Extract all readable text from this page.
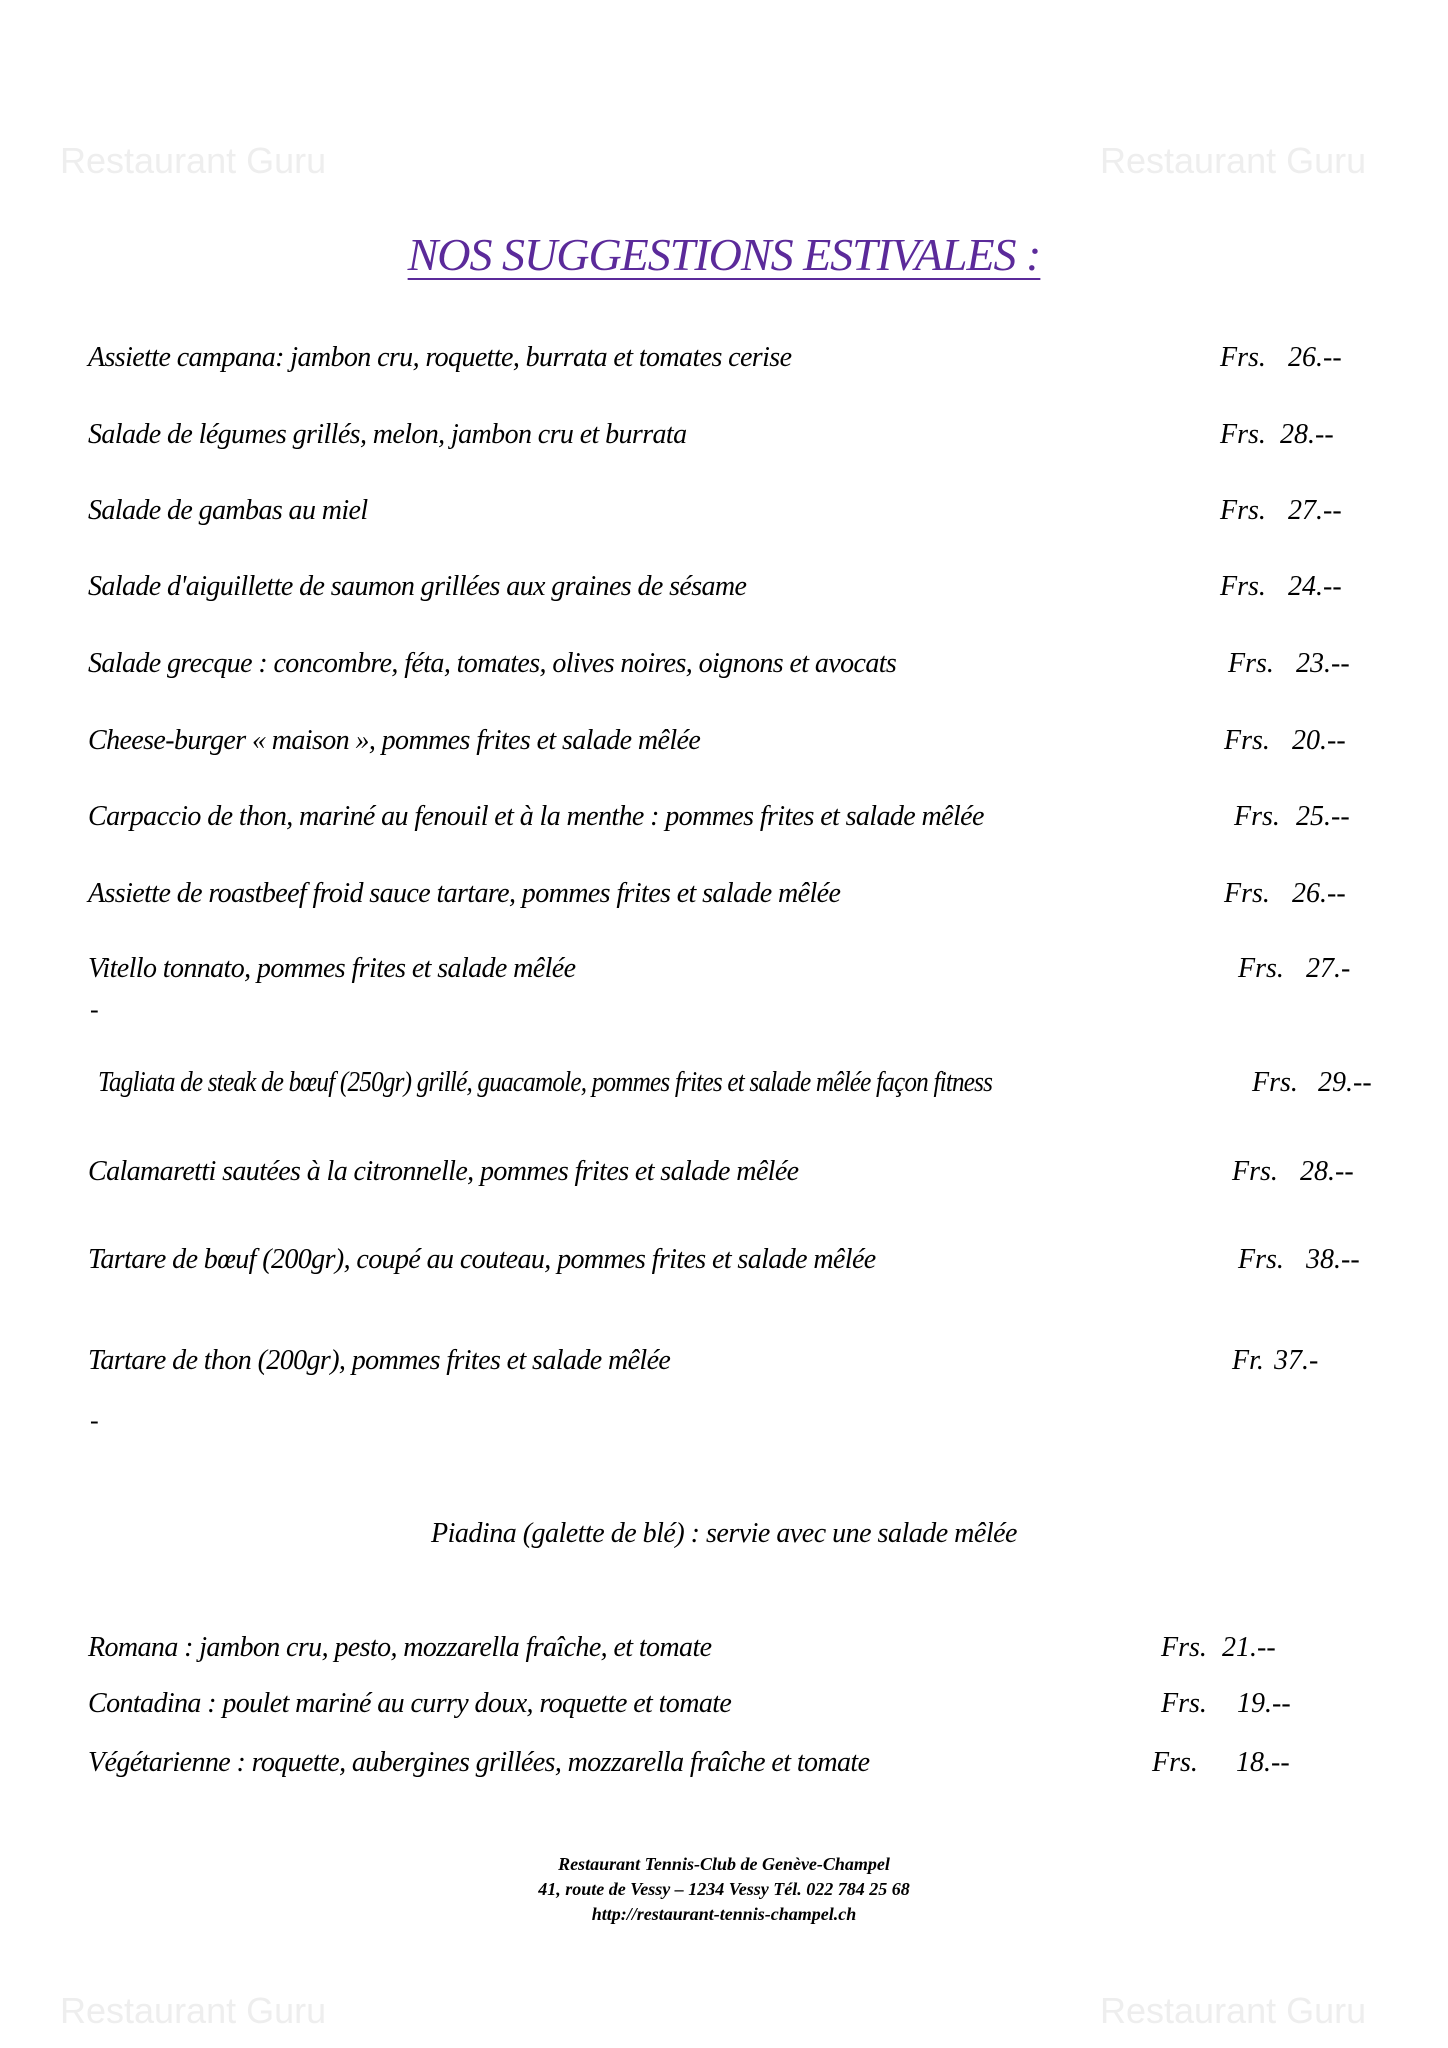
Restaurant Guru	Restaurant Guru
Restaurant Guru	Restaurant Guru
NOS SUGGESTIONS ESTIVALES :
Assiette campana: jambon cru, roquette, burrata et tomates cerise	Frs. 26.--
Salade de légumes grillés, melon, jambon cru et burrata	Frs. 28.--
Salade de gambas au miel	Frs. 27.--
Salade d'aiguillette de saumon grillées aux graines de sésame	Frs. 24.--
Salade grecque : concombre, féta, tomates, olives noires, oignons et avocats	Frs. 23.--
Cheese-burger « maison », pommes frites et salade mêlée	Frs. 20.--
Carpaccio de thon, mariné au fenouil et à la menthe : pommes frites et salade mêlée	Frs. 25.--
Assiette de roastbeef froid sauce tartare, pommes frites et salade mêlée	Frs. 26.--
Vitello tonnato, pommes frites et salade mêlée	Frs. 27.-
-
Tagliata de steak de bœuf (250gr) grillé, guacamole, pommes frites et salade mêlée façon fitness	Frs. 29.--
Calamaretti sautées à la citronnelle, pommes frites et salade mêlée	Frs. 28.--
Tartare de bœuf (200gr), coupé au couteau, pommes frites et salade mêlée	Frs. 38.--
Tartare de thon (200gr), pommes frites et salade mêlée	Fr. 37.-
-
Piadina (galette de blé) : servie avec une salade mêlée
Romana : jambon cru, pesto, mozzarella fraîche, et tomate	Frs. 21.--
Contadina : poulet mariné au curry doux, roquette et tomate	Frs. 19.--
Végétarienne : roquette, aubergines grillées, mozzarella fraîche et tomate	Frs. 18.--
Restaurant Tennis-Club de Genève-Champel
41, route de Vessy – 1234 Vessy Tél. 022 784 25 68
http://restaurant-tennis-champel.ch
